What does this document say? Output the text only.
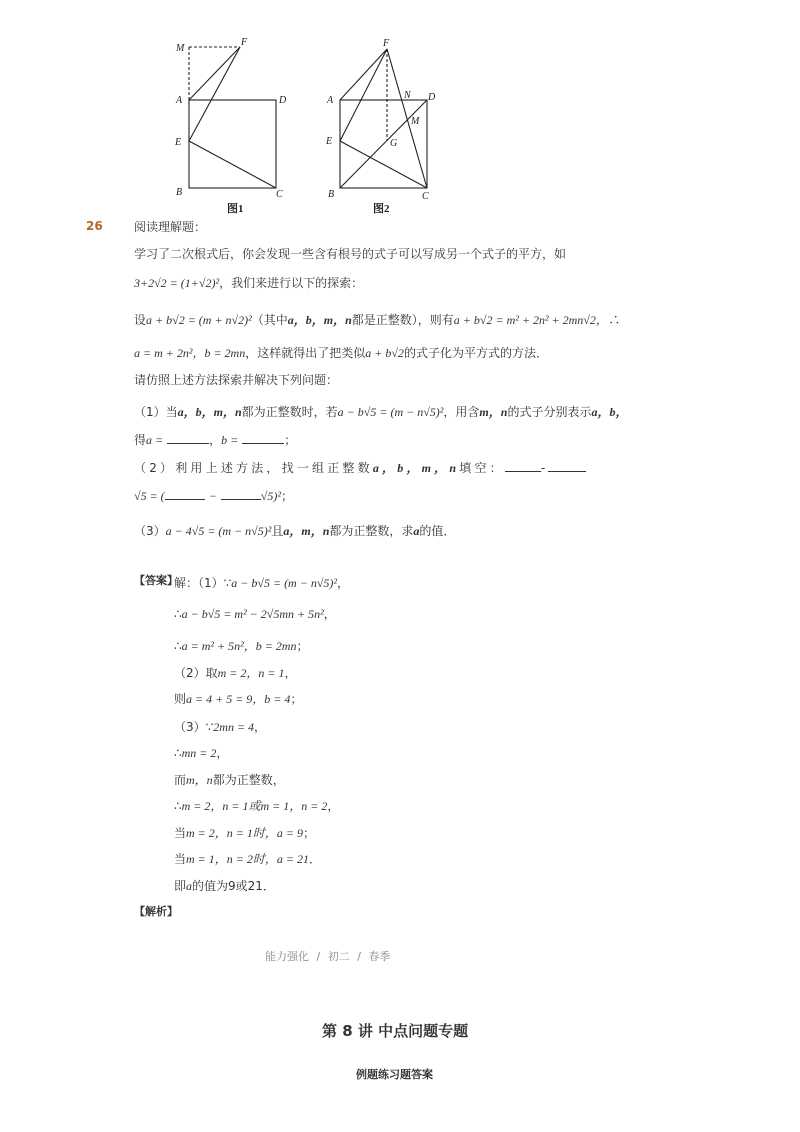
M
F
A	D
E
B	C
图1
F
N
A	D
M
E	G
B	C
图2
26	阅读理解题：
学习了二次根式后，你会发现一些含有根号的式子可以写成另一个式子的平方，如
3+2√2 = (1+√2)²，我们来进行以下的探索：
设a + b√2 = (m + n√2)²（其中a，b，m，n都是正整数），则有a + b√2 = m² + 2n² + 2mn√2，∴
a = m + 2n²，b = 2mn，这样就得出了把类似a + b√2的式子化为平方式的方法．
请仿照上述方法探索并解决下列问题：
（1）当a，b，m，n都为正整数时，若a − b√5 = (m − n√5)²，用含m，n的式子分别表示a，b，
得a =	，b =	；
（2）利用上述方法，找一组正整数a，b，m，n填空：	-
√5 = (	−	√5)²；
（3）a − 4√5 = (m − n√5)²且a，m，n都为正整数，求a的值．
【答案】
解：（1）∵a − b√5 = (m − n√5)²，
∴a − b√5 = m² − 2√5mn + 5n²，
∴a = m² + 5n²，b = 2mn；
（2）取m = 2，n = 1，
则a = 4 + 5 = 9，b = 4；
（3）∵2mn = 4，
∴mn = 2，
而m，n都为正整数，
∴m = 2，n = 1或m = 1，n = 2，
当m = 2，n = 1时，a = 9；
当m = 1，n = 2时，a = 21．
即a的值为9或21．
【解析】
能力强化 / 初二 / 春季
第 8 讲 中点问题专题
例题练习题答案
